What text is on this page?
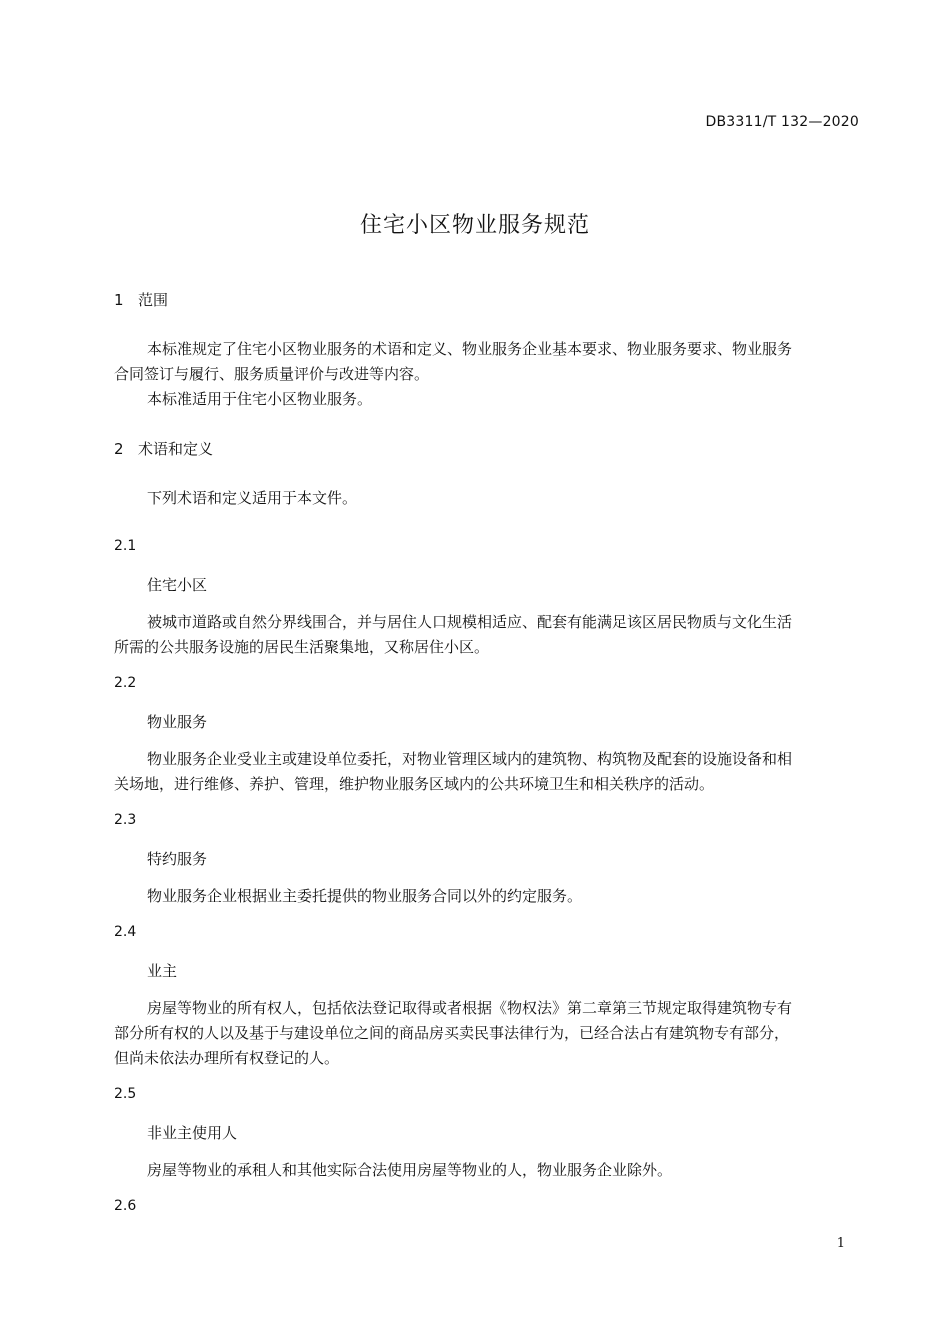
DB3311/T 132—2020
住宅小区物业服务规范
1 范围
本标准规定了住宅小区物业服务的术语和定义、物业服务企业基本要求、物业服务要求、物业服务
合同签订与履行、服务质量评价与改进等内容。
本标准适用于住宅小区物业服务。
2 术语和定义
下列术语和定义适用于本文件。
2.1
住宅小区
被城市道路或自然分界线围合，并与居住人口规模相适应、配套有能满足该区居民物质与文化生活
所需的公共服务设施的居民生活聚集地，又称居住小区。
2.2
物业服务
物业服务企业受业主或建设单位委托，对物业管理区域内的建筑物、构筑物及配套的设施设备和相
关场地，进行维修、养护、管理，维护物业服务区域内的公共环境卫生和相关秩序的活动。
2.3
特约服务
物业服务企业根据业主委托提供的物业服务合同以外的约定服务。
2.4
业主
房屋等物业的所有权人，包括依法登记取得或者根据《物权法》第二章第三节规定取得建筑物专有
部分所有权的人以及基于与建设单位之间的商品房买卖民事法律行为，已经合法占有建筑物专有部分，
但尚未依法办理所有权登记的人。
2.5
非业主使用人
房屋等物业的承租人和其他实际合法使用房屋等物业的人，物业服务企业除外。
2.6
1
